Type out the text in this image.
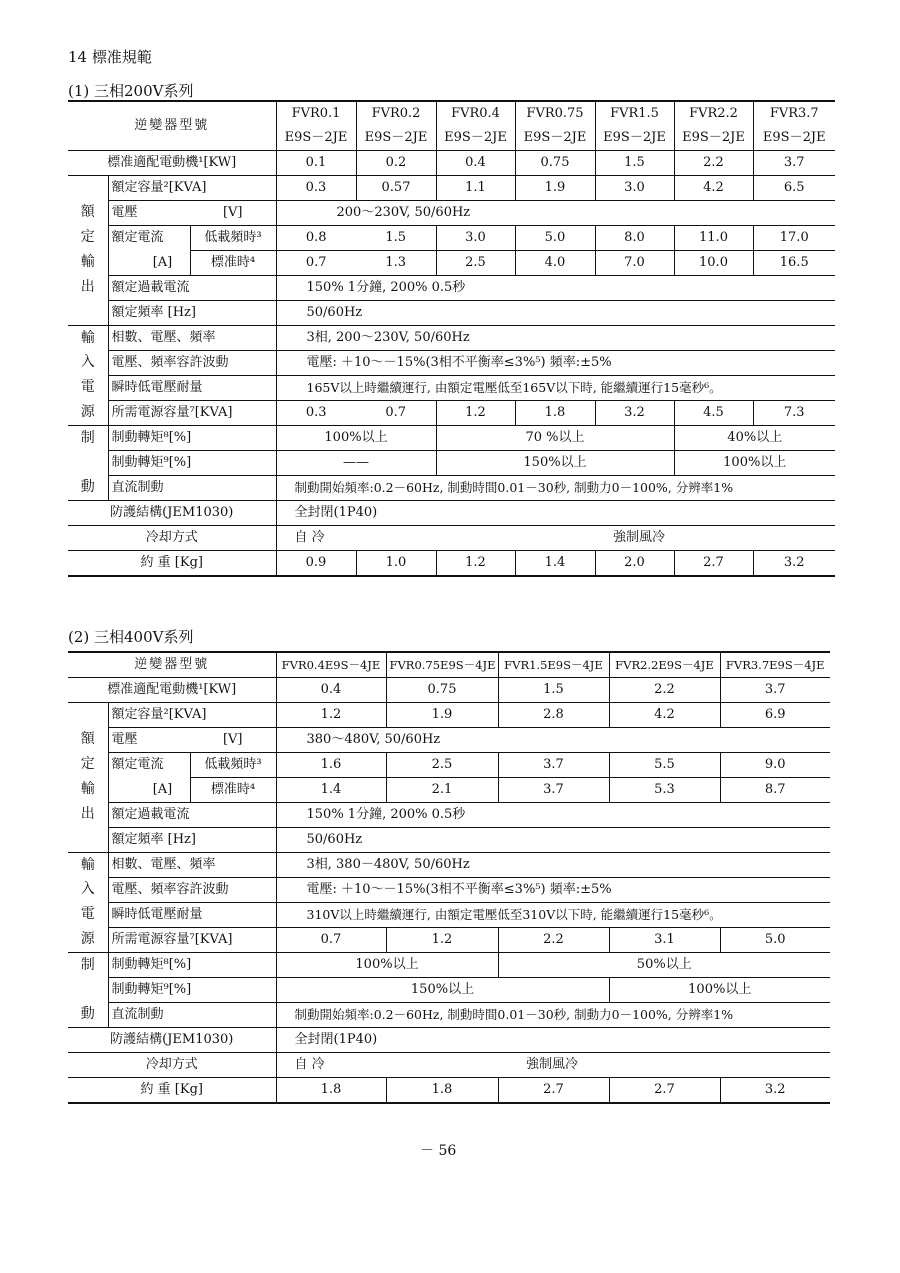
14 標准規範
(1) 三相200V系列
逆變器型號			FVR0.1	FVR0.2	FVR0.4	FVR0.75	FVR1.5	FVR2.2	FVR3.7
			E9S－2JE	E9S－2JE	E9S－2JE	E9S－2JE	E9S－2JE	E9S－2JE	E9S－2JE
標准適配電動機¹[KW]			0.1	0.2	0.4	0.75	1.5	2.2	3.7
	額定容量²[KVA]		0.3	0.57	1.1	1.9	3.0	4.2	6.5
額	電壓	[V]	200～230V, 50/60Hz						
定	額定電流	低載頻時³	0.8	1.5	3.0	5.0	8.0	11.0	17.0
輸	[A]	標准時⁴	0.7	1.3	2.5	4.0	7.0	10.0	16.5
出	額定過載電流		150% 1分鐘, 200% 0.5秒						
	額定頻率 [Hz]		50/60Hz						
輸	相數、電壓、頻率		3相, 200～230V, 50/60Hz						
入	電壓、頻率容許波動		電壓: ＋10～－15%(3相不平衡率≤3%⁵) 頻率:±5%						
電	瞬時低電壓耐量		165V以上時繼續運行, 由額定電壓低至165V以下時, 能繼續運行15毫秒⁶。						
源	所需電源容量⁷[KVA]		0.3	0.7	1.2	1.8	3.2	4.5	7.3
制	制動轉矩⁸[%]		100%以上		70 %以上			40%以上	
	制動轉矩⁹[%]		——		150%以上			100%以上	
動	直流制動		制動開始頻率:0.2－60Hz, 制動時間0.01－30秒, 制動力0－100%, 分辨率1%						
防護結構(JEM1030)			全封閉(1P40)						
冷却方式			自 冷				強制風冷		
約 重 [Kg]			0.9	1.0	1.2	1.4	2.0	2.7	3.2
(2) 三相400V系列
逆變器型號			FVR0.4E9S－4JE	FVR0.75E9S－4JE	FVR1.5E9S－4JE	FVR2.2E9S－4JE	FVR3.7E9S－4JE
標准適配電動機¹[KW]			0.4	0.75	1.5	2.2	3.7
	額定容量²[KVA]		1.2	1.9	2.8	4.2	6.9
額	電壓	[V]	380～480V, 50/60Hz				
定	額定電流	低載頻時³	1.6	2.5	3.7	5.5	9.0
輸	[A]	標准時⁴	1.4	2.1	3.7	5.3	8.7
出	額定過載電流		150% 1分鐘, 200% 0.5秒				
	額定頻率 [Hz]		50/60Hz				
輸	相數、電壓、頻率		3相, 380－480V, 50/60Hz				
入	電壓、頻率容許波動		電壓: ＋10～－15%(3相不平衡率≤3%⁵) 頻率:±5%				
電	瞬時低電壓耐量		310V以上時繼續運行, 由額定電壓低至310V以下時, 能繼續運行15毫秒⁶。				
源	所需電源容量⁷[KVA]		0.7	1.2	2.2	3.1	5.0
制	制動轉矩⁸[%]		100%以上		50%以上		
	制動轉矩⁹[%]		150%以上			100%以上	
動	直流制動		制動開始頻率:0.2－60Hz, 制動時間0.01－30秒, 制動力0－100%, 分辨率1%				
防護結構(JEM1030)			全封閉(1P40)				
冷却方式			自 冷		強制風冷		
約 重 [Kg]			1.8	1.8	2.7	2.7	3.2
－ 56
